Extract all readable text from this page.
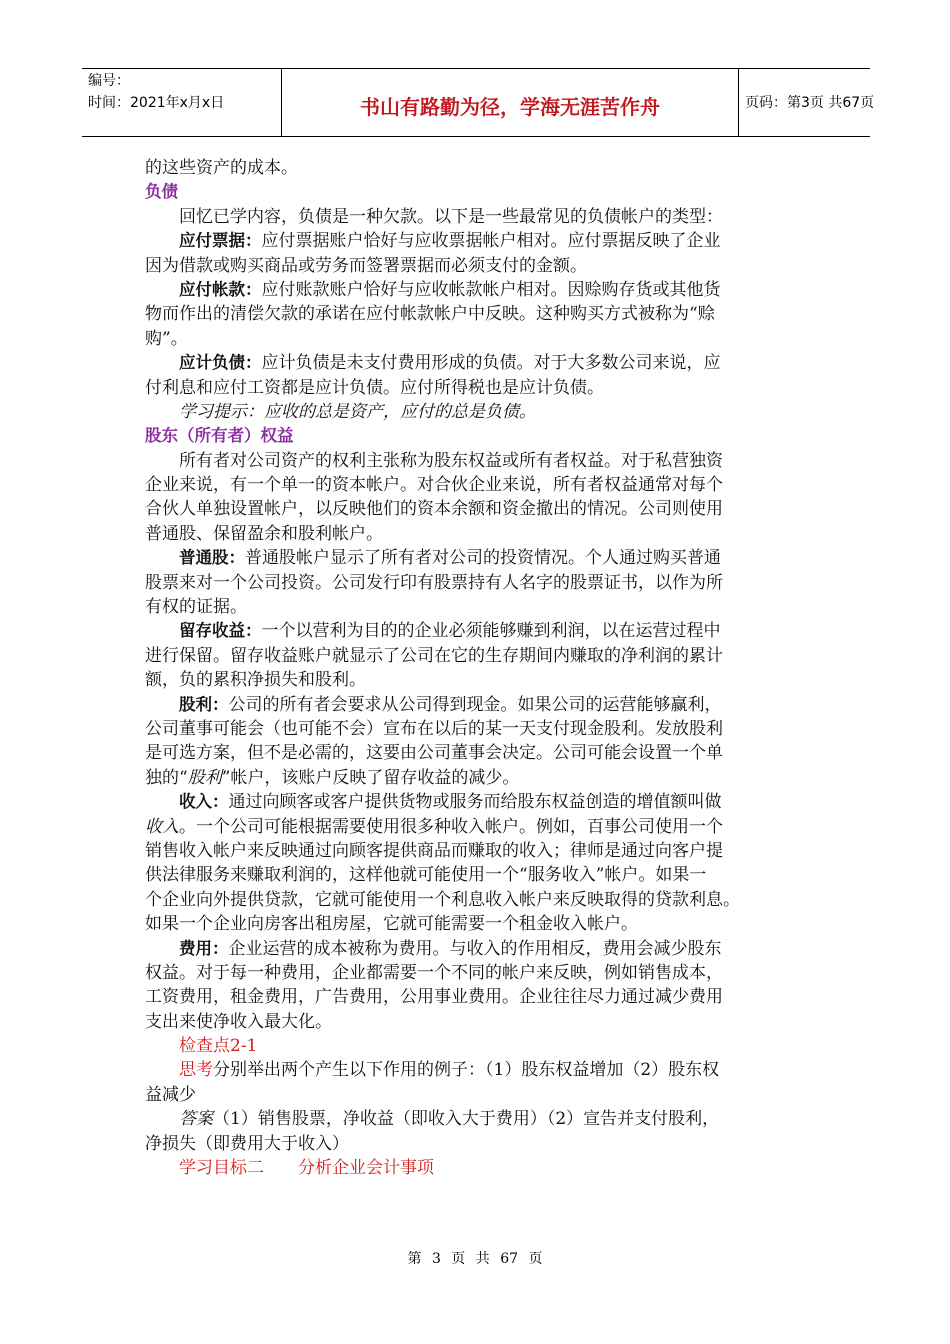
编号：
时间：2021年x月x日	书山有路勤为径，学海无涯苦作舟	页码：第3页 共67页
的这些资产的成本。
负债
回忆已学内容，负债是一种欠款。以下是一些最常见的负债帐户的类型：
应付票据：应付票据账户恰好与应收票据帐户相对。应付票据反映了企业
因为借款或购买商品或劳务而签署票据而必须支付的金额。
应付帐款：应付账款账户恰好与应收帐款帐户相对。因赊购存货或其他货
物而作出的清偿欠款的承诺在应付帐款帐户中反映。这种购买方式被称为“赊
购”。
应计负债：应计负债是未支付费用形成的负债。对于大多数公司来说，应
付利息和应付工资都是应计负债。应付所得税也是应计负债。
学习提示：应收的总是资产，应付的总是负债。
股东（所有者）权益
所有者对公司资产的权利主张称为股东权益或所有者权益。对于私营独资
企业来说，有一个单一的资本帐户。对合伙企业来说，所有者权益通常对每个
合伙人单独设置帐户，以反映他们的资本余额和资金撤出的情况。公司则使用
普通股、保留盈余和股利帐户。
普通股：普通股帐户显示了所有者对公司的投资情况。个人通过购买普通
股票来对一个公司投资。公司发行印有股票持有人名字的股票证书，以作为所
有权的证据。
留存收益：一个以营利为目的的企业必须能够赚到利润，以在运营过程中
进行保留。留存收益账户就显示了公司在它的生存期间内赚取的净利润的累计
额，负的累积净损失和股利。
股利：公司的所有者会要求从公司得到现金。如果公司的运营能够赢利，
公司董事可能会（也可能不会）宣布在以后的某一天支付现金股利。发放股利
是可选方案，但不是必需的，这要由公司董事会决定。公司可能会设置一个单
独的“股利”帐户，该账户反映了留存收益的减少。
收入：通过向顾客或客户提供货物或服务而给股东权益创造的增值额叫做
收入。一个公司可能根据需要使用很多种收入帐户。例如，百事公司使用一个
销售收入帐户来反映通过向顾客提供商品而赚取的收入；律师是通过向客户提
供法律服务来赚取利润的，这样他就可能使用一个“服务收入”帐户。如果一
个企业向外提供贷款，它就可能使用一个利息收入帐户来反映取得的贷款利息。
如果一个企业向房客出租房屋，它就可能需要一个租金收入帐户。
费用：企业运营的成本被称为费用。与收入的作用相反，费用会减少股东
权益。对于每一种费用，企业都需要一个不同的帐户来反映，例如销售成本，
工资费用，租金费用，广告费用，公用事业费用。企业往往尽力通过减少费用
支出来使净收入最大化。
检查点2-1
思考分别举出两个产生以下作用的例子：（1）股东权益增加（2）股东权
益减少
答案（1）销售股票，净收益（即收入大于费用）（2）宣告并支付股利，
净损失（即费用大于收入）
学习目标二　　分析企业会计事项
第 3 页 共 67 页
